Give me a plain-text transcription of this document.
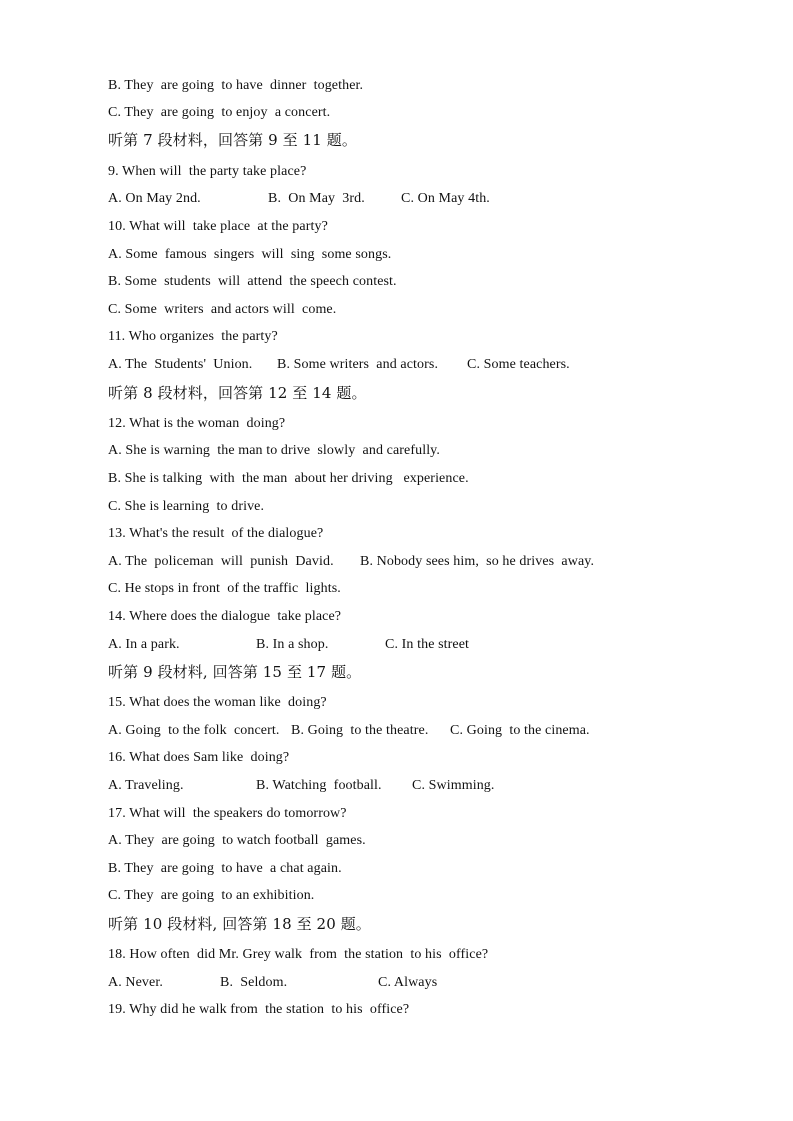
B. They  are going  to have  dinner  together.
C. They  are going  to enjoy  a concert.
听第 7 段材料，回答第 9 至 11 题。
9. When will  the party take place?

A. On May 2nd.

	B.  On May  3rd.

	C. On May 4th.

10. What will  take place  at the party?
A. Some  famous  singers  will  sing  some songs.
B. Some  students  will  attend  the speech contest.
C. Some  writers  and actors will  come.
11. Who organizes  the party?

A. The  Students'  Union.

B. Some writers  and actors.

C. Some teachers.

听第 8 段材料，回答第 12 至 14 题。
12. What is the woman  doing?
A. She is warning  the man to drive  slowly  and carefully.
B. She is talking  with  the man  about her driving   experience.
C. She is learning  to drive.
13. What's the result  of the dialogue?

A. The  policeman  will  punish  David.

B. Nobody sees him,  so he drives  away.

C. He stops in front  of the traffic  lights.
14. Where does the dialogue  take place?

A. In a park.

	B. In a shop.

	C. In the street

听第 9 段材料, 回答第 15 至 17 题。
15. What does the woman like  doing?

A. Going  to the folk  concert.

B. Going  to the theatre.

C. Going  to the cinema.

16. What does Sam like  doing?

A. Traveling.

	B. Watching  football.

C. Swimming.

17. What will  the speakers do tomorrow?
A. They  are going  to watch football  games.
B. They  are going  to have  a chat again.
C. They  are going  to an exhibition.
听第 10 段材料, 回答第 18 至 20 题。
18. How often  did Mr. Grey walk  from  the station  to his  office?

A. Never.

	B.  Seldom.

	C. Always

19. Why did he walk from  the station  to his  office?
